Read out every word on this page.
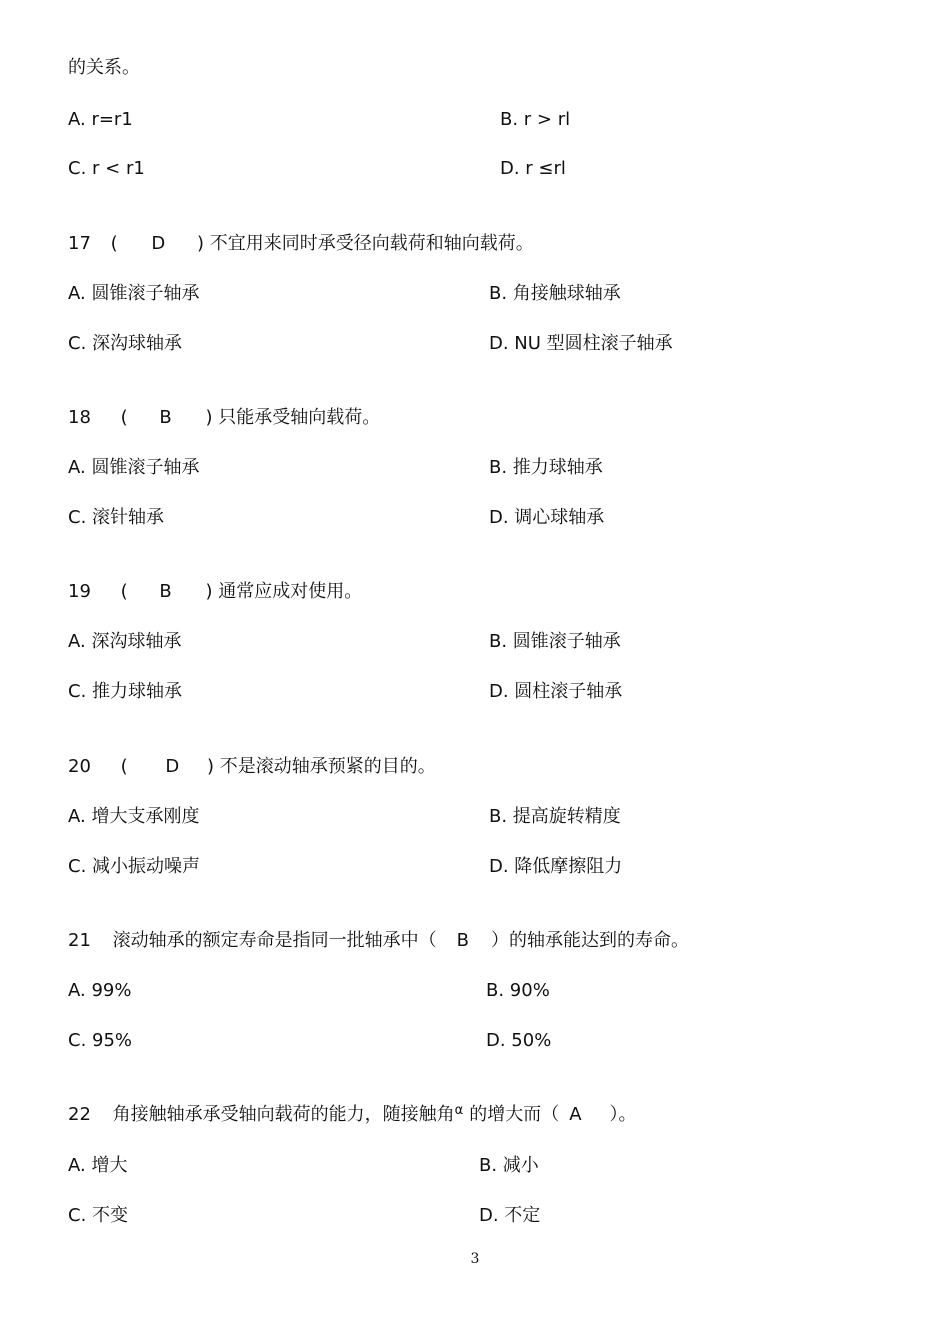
的关系。
A. r=r1	B. r > rl
C. r < r1	D. r ≤rl
17 ( D ) 不宜用来同时承受径向载荷和轴向载荷。
A. 圆锥滚子轴承	B. 角接触球轴承
C. 深沟球轴承	D. NU 型圆柱滚子轴承
18 ( B ) 只能承受轴向载荷。
A. 圆锥滚子轴承	B. 推力球轴承
C. 滚针轴承	D. 调心球轴承
19 ( B ) 通常应成对使用。
A. 深沟球轴承	B. 圆锥滚子轴承
C. 推力球轴承	D. 圆柱滚子轴承
20 ( D ) 不是滚动轴承预紧的目的。
A. 增大支承刚度	B. 提高旋转精度
C. 减小振动噪声	D. 降低摩擦阻力
21 滚动轴承的额定寿命是指同一批轴承中（ B ）的轴承能达到的寿命。
A. 99%	B. 90%
C. 95%	D. 50%
22 角接触轴承承受轴向载荷的能力，随接触角$^\alpha$ 的增大而（ A ）。
A. 增大	B. 减小
C. 不变	D. 不定
3
